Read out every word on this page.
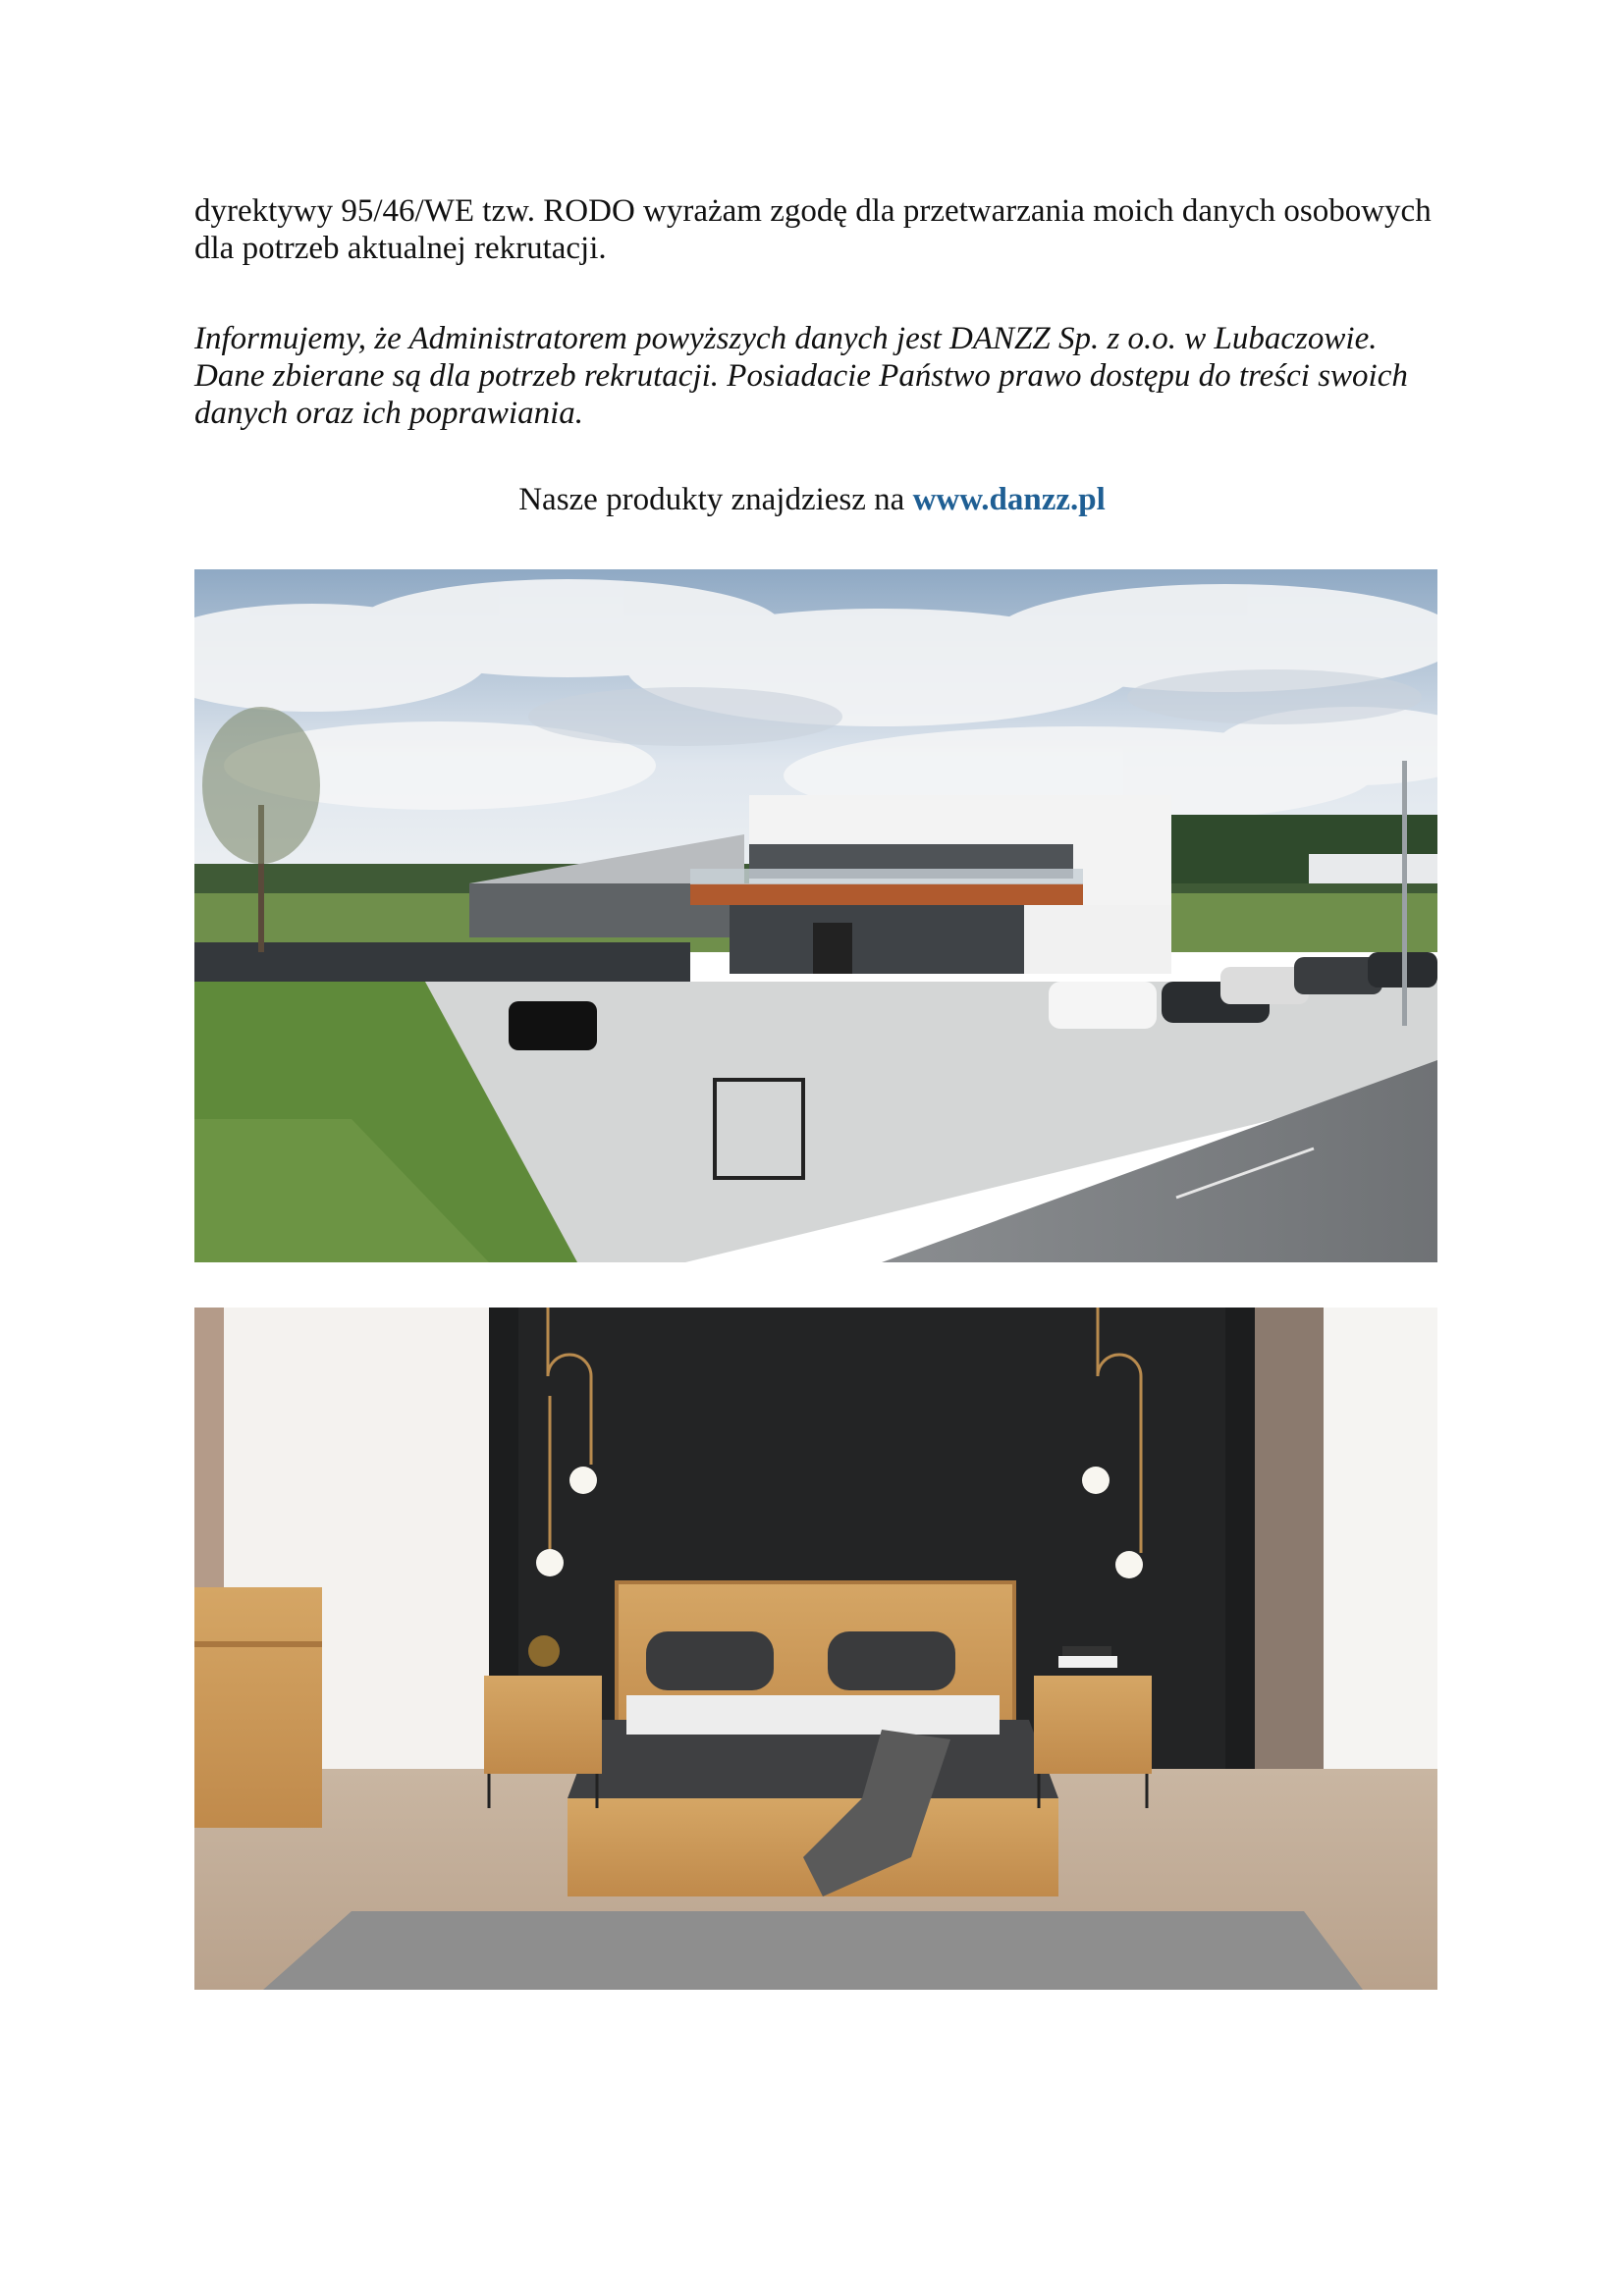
dyrektywy 95/46/WE tzw. RODO wyrażam zgodę dla przetwarzania moich danych osobowych dla potrzeb aktualnej rekrutacji.

Informujemy, że Administratorem powyższych danych jest DANZZ Sp. z o.o. w Lubaczowie. Dane zbierane są dla potrzeb rekrutacji. Posiadacie Państwo prawo dostępu do treści swoich danych oraz ich poprawiania.

Nasze produkty znajdziesz na www.danzz.pl
